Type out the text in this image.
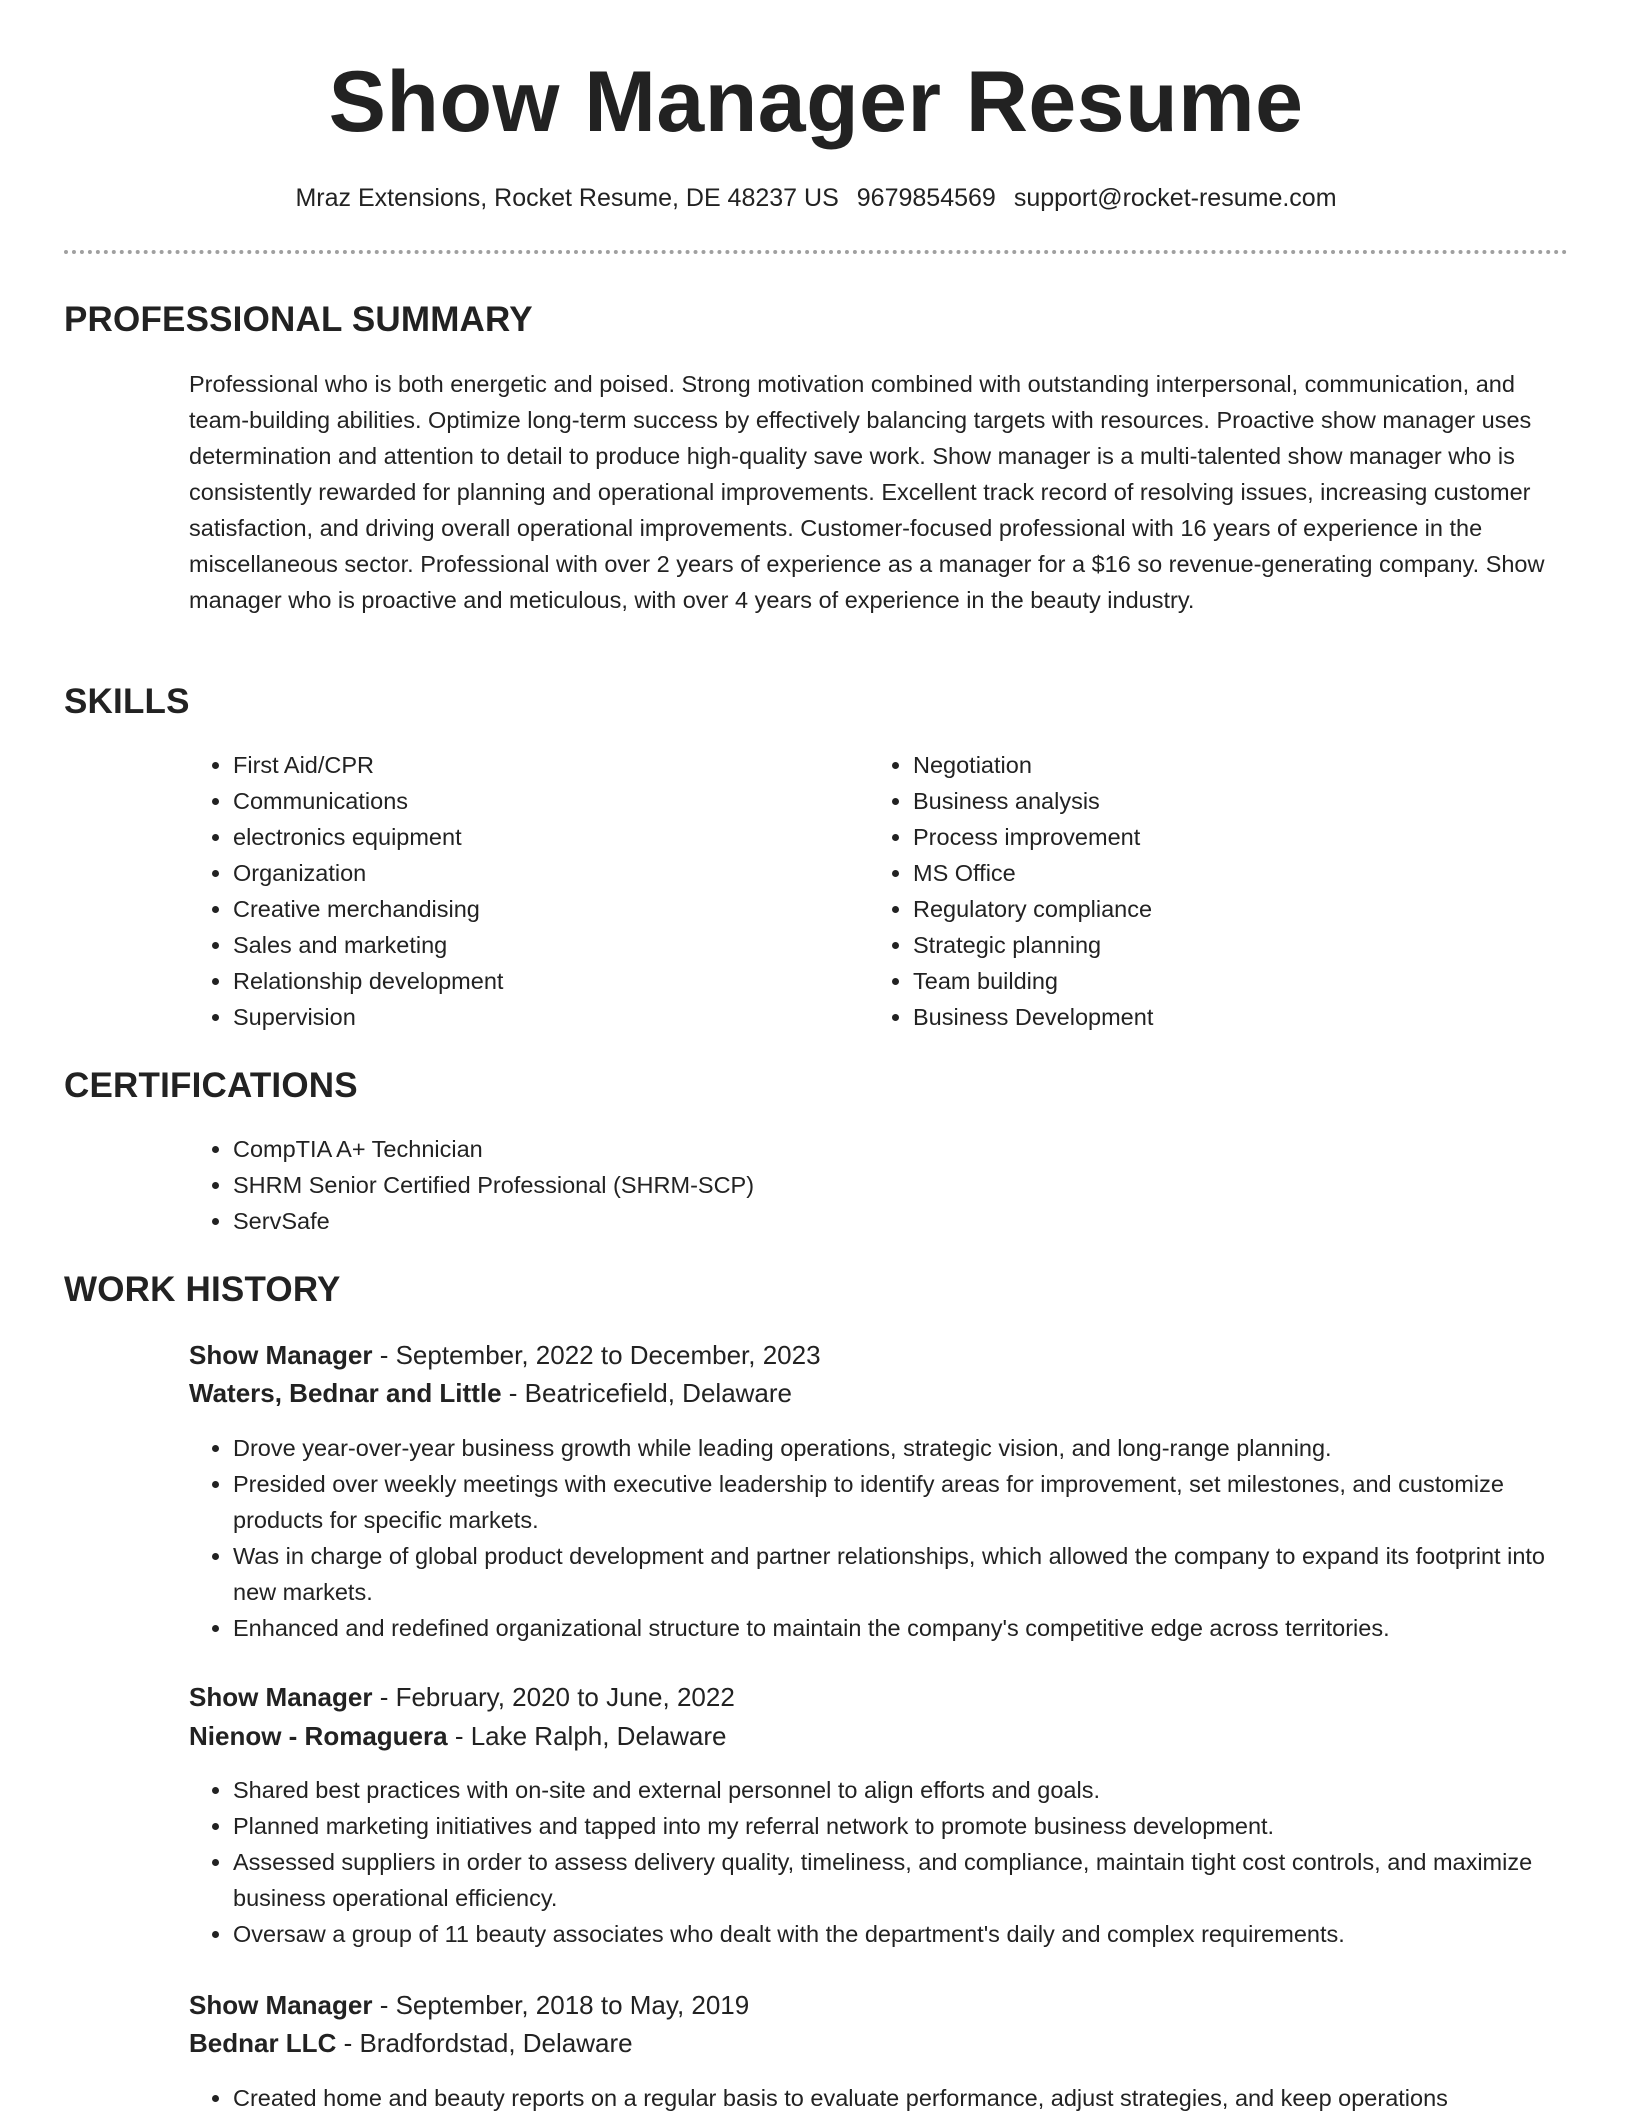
Show Manager Resume
Mraz Extensions, Rocket Resume, DE 48237 US 9679854569 support@rocket-resume.com
PROFESSIONAL SUMMARY

Professional who is both energetic and poised. Strong motivation combined with outstanding interpersonal, communication, and team-building abilities. Optimize long-term success by effectively balancing targets with resources. Proactive show manager uses determination and attention to detail to produce high-quality save work. Show manager is a multi-talented show manager who is consistently rewarded for planning and operational improvements. Excellent track record of resolving issues, increasing customer satisfaction, and driving overall operational improvements. Customer-focused professional with 16 years of experience in the miscellaneous sector. Professional with over 2 years of experience as a manager for a $16 so revenue-generating company. Show manager who is proactive and meticulous, with over 4 years of experience in the beauty industry.

SKILLS
• First Aid/CPR
• Communications
• electronics equipment
• Organization
• Creative merchandising
• Sales and marketing
• Relationship development
• Supervision
• Negotiation
• Business analysis
• Process improvement
• MS Office
• Regulatory compliance
• Strategic planning
• Team building
• Business Development
CERTIFICATIONS
• CompTIA A+ Technician
• SHRM Senior Certified Professional (SHRM-SCP)
• ServSafe
WORK HISTORY
Show Manager - September, 2022 to December, 2023
Waters, Bednar and Little - Beatricefield, Delaware
• Drove year-over-year business growth while leading operations, strategic vision, and long-range planning.
• Presided over weekly meetings with executive leadership to identify areas for improvement, set milestones, and customize products for specific markets.
• Was in charge of global product development and partner relationships, which allowed the company to expand its footprint into new markets.
• Enhanced and redefined organizational structure to maintain the company's competitive edge across territories.
Show Manager - February, 2020 to June, 2022
Nienow - Romaguera - Lake Ralph, Delaware
• Shared best practices with on-site and external personnel to align efforts and goals.
• Planned marketing initiatives and tapped into my referral network to promote business development.
• Assessed suppliers in order to assess delivery quality, timeliness, and compliance, maintain tight cost controls, and maximize business operational efficiency.
• Oversaw a group of 11 beauty associates who dealt with the department's daily and complex requirements.
Show Manager - September, 2018 to May, 2019
Bednar LLC - Bradfordstad, Delaware
• Created home and beauty reports on a regular basis to evaluate performance, adjust strategies, and keep operations
